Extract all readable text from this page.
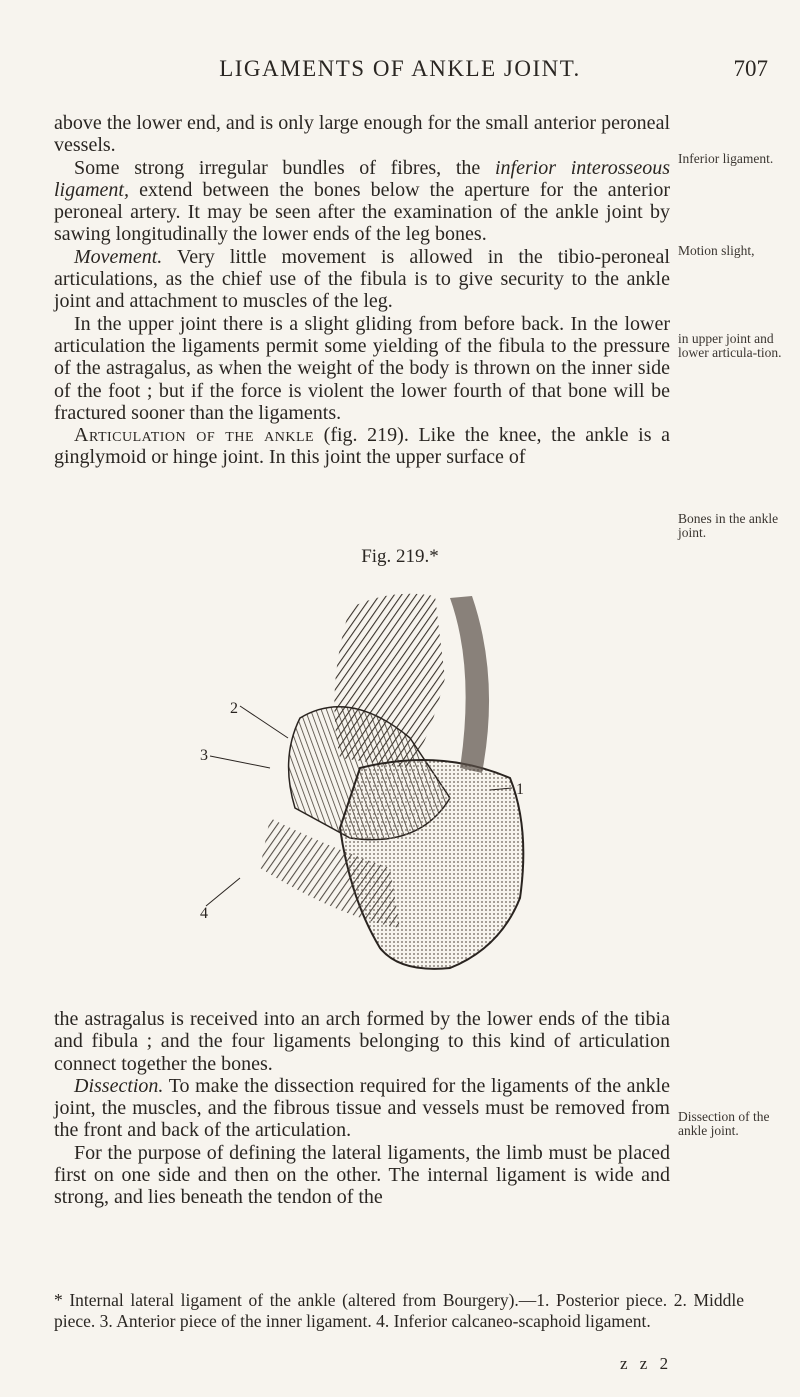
LIGAMENTS OF ANKLE JOINT.	707

above the lower end, and is only large enough for the small anterior peroneal vessels.

Some strong irregular bundles of fibres, the inferior interosseous ligament, extend between the bones below the aperture for the anterior peroneal artery. It may be seen after the examination of the ankle joint by sawing longitudinally the lower ends of the leg bones.

Movement. Very little movement is allowed in the tibio-peroneal articulations, as the chief use of the fibula is to give security to the ankle joint and attachment to muscles of the leg.

In the upper joint there is a slight gliding from before back. In the lower articulation the ligaments permit some yielding of the fibula to the pressure of the astragalus, as when the weight of the body is thrown on the inner side of the foot ; but if the force is violent the lower fourth of that bone will be fractured sooner than the ligaments.

Articulation of the ankle (fig. 219). Like the knee, the ankle is a ginglymoid or hinge joint. In this joint the upper surface of

Inferior ligament.
Motion slight,
in upper joint and lower articula-tion.
Bones in the ankle joint.
Dissection of the ankle joint.
Fig. 219.*
2
3
1
4

the astragalus is received into an arch formed by the lower ends of the tibia and fibula ; and the four ligaments belonging to this kind of articulation connect together the bones.

Dissection. To make the dissection required for the ligaments of the ankle joint, the muscles, and the fibrous tissue and vessels must be removed from the front and back of the articulation.

For the purpose of defining the lateral ligaments, the limb must be placed first on one side and then on the other. The internal ligament is wide and strong, and lies beneath the tendon of the

* Internal lateral ligament of the ankle (altered from Bourgery).—1. Posterior piece. 2. Middle piece. 3. Anterior piece of the inner ligament. 4. Inferior calcaneo-scaphoid ligament.
z z 2
